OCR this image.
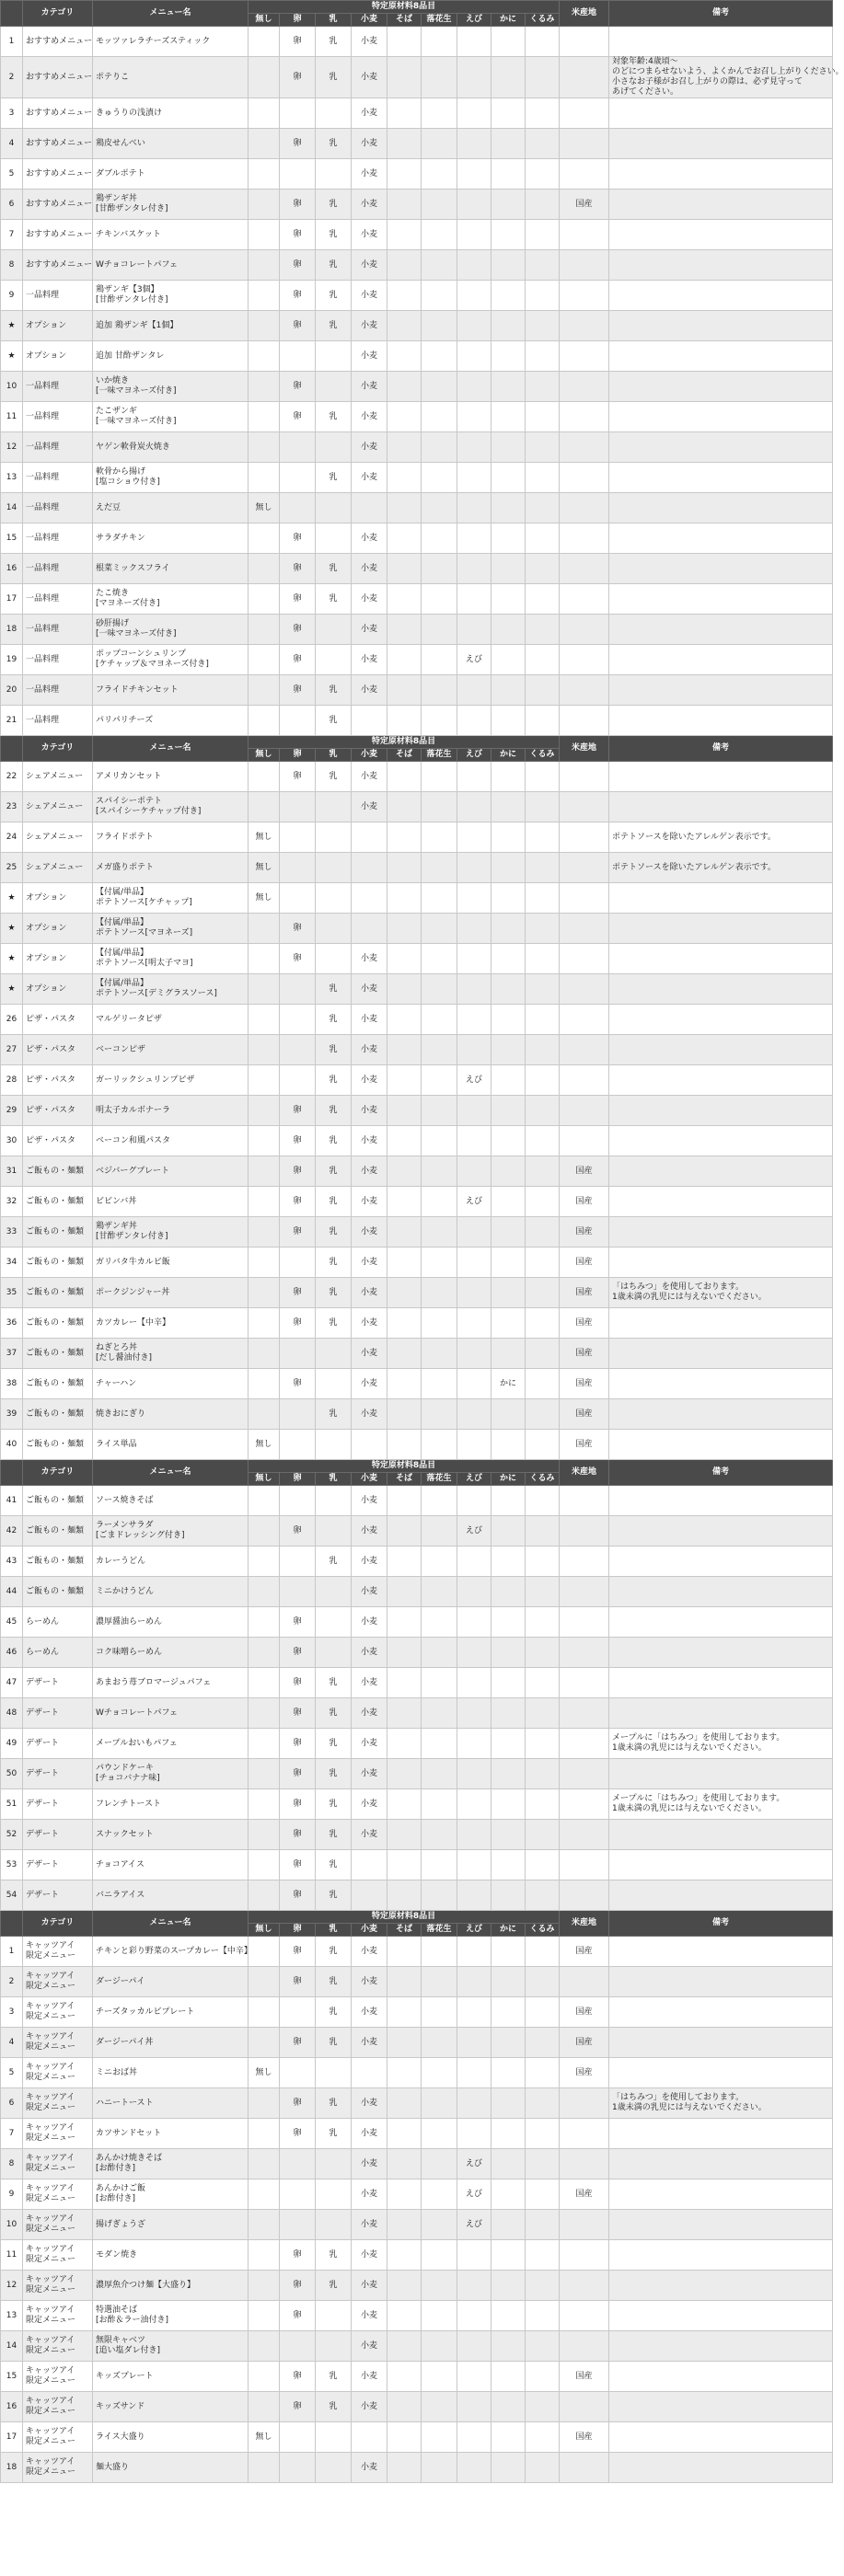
	カテゴリ	メニュー名	特定原材料8品目									米産地	備考
			無し	卵	乳	小麦	そば	落花生	えび	かに	くるみ		
1	おすすめメニュー	モッツァレラチーズスティック		卵	乳	小麦							
2	おすすめメニュー	ポテりこ		卵	乳	小麦							対象年齢:4歳頃〜
のどにつまらせないよう、よくかんでお召し上がりください。
小さなお子様がお召し上がりの際は、必ず見守って
あげてください。

3	おすすめメニュー	きゅうりの浅漬け				小麦							
4	おすすめメニュー	鶏皮せんべい		卵	乳	小麦							
5	おすすめメニュー	ダブルポテト				小麦							
6	おすすめメニュー	鶏ザンギ丼
[甘酢ザンタレ付き]		卵	乳	小麦						国産	
7	おすすめメニュー	チキンバスケット		卵	乳	小麦							
8	おすすめメニュー	Wチョコレートパフェ		卵	乳	小麦							
9	一品料理	鶏ザンギ【3個】
[甘酢ザンタレ付き]		卵	乳	小麦							
★	オプション	追加 鶏ザンギ【1個】		卵	乳	小麦							
★	オプション	追加 甘酢ザンタレ				小麦							
10	一品料理	いか焼き
[一味マヨネーズ付き]		卵		小麦							
11	一品料理	たこザンギ
[一味マヨネーズ付き]		卵	乳	小麦							
12	一品料理	ヤゲン軟骨炭火焼き				小麦							
13	一品料理	軟骨から揚げ
[塩コショウ付き]			乳	小麦							
14	一品料理	えだ豆	無し										
15	一品料理	サラダチキン		卵		小麦							
16	一品料理	根菜ミックスフライ		卵	乳	小麦							
17	一品料理	たこ焼き
[マヨネーズ付き]		卵	乳	小麦							
18	一品料理	砂肝揚げ
[一味マヨネーズ付き]		卵		小麦							
19	一品料理	ポップコーンシュリンプ
[ケチャップ＆マヨネーズ付き]		卵		小麦			えび				
20	一品料理	フライドチキンセット		卵	乳	小麦							
21	一品料理	パリパリチーズ			乳								
	カテゴリ	メニュー名	特定原材料8品目									米産地	備考
			無し	卵	乳	小麦	そば	落花生	えび	かに	くるみ		
22	シェアメニュー	アメリカンセット		卵	乳	小麦							
23	シェアメニュー	スパイシーポテト
[スパイシーケチャップ付き]				小麦							
24	シェアメニュー	フライドポテト	無し										ポテトソースを除いたアレルゲン表示です。

25	シェアメニュー	メガ盛りポテト	無し										ポテトソースを除いたアレルゲン表示です。

★	オプション	【付属/単品】
ポテトソース[ケチャップ]	無し										
★	オプション	【付属/単品】
ポテトソース[マヨネーズ]		卵									
★	オプション	【付属/単品】
ポテトソース[明太子マヨ]		卵		小麦							
★	オプション	【付属/単品】
ポテトソース[デミグラスソース]			乳	小麦							
26	ピザ・パスタ	マルゲリータピザ			乳	小麦							
27	ピザ・パスタ	ベーコンピザ			乳	小麦							
28	ピザ・パスタ	ガーリックシュリンプピザ			乳	小麦			えび				
29	ピザ・パスタ	明太子カルボナーラ		卵	乳	小麦							
30	ピザ・パスタ	ベーコン和風パスタ		卵	乳	小麦							
31	ご飯もの・麺類	ベジバーグプレート		卵	乳	小麦						国産	
32	ご飯もの・麺類	ビビンバ丼		卵	乳	小麦			えび			国産	
33	ご飯もの・麺類	鶏ザンギ丼
[甘酢ザンタレ付き]		卵	乳	小麦						国産	
34	ご飯もの・麺類	ガリバタ牛カルビ飯			乳	小麦						国産	
35	ご飯もの・麺類	ポークジンジャー丼		卵	乳	小麦						国産	「はちみつ」を使用しております。
1歳未満の乳児には与えないでください。

36	ご飯もの・麺類	カツカレー【中辛】		卵	乳	小麦						国産	
37	ご飯もの・麺類	ねぎとろ丼
[だし醤油付き]				小麦						国産	
38	ご飯もの・麺類	チャーハン		卵		小麦				かに		国産	
39	ご飯もの・麺類	焼きおにぎり			乳	小麦						国産	
40	ご飯もの・麺類	ライス単品	無し									国産	
	カテゴリ	メニュー名	特定原材料8品目									米産地	備考
			無し	卵	乳	小麦	そば	落花生	えび	かに	くるみ		
41	ご飯もの・麺類	ソース焼きそば				小麦							
42	ご飯もの・麺類	ラーメンサラダ
[ごまドレッシング付き]		卵		小麦			えび				
43	ご飯もの・麺類	カレーうどん			乳	小麦							
44	ご飯もの・麺類	ミニかけうどん				小麦							
45	らーめん	濃厚醤油らーめん		卵		小麦							
46	らーめん	コク味噌らーめん		卵		小麦							
47	デザート	あまおう苺ブロマージュパフェ		卵	乳	小麦							
48	デザート	Wチョコレートパフェ		卵	乳	小麦							
49	デザート	メープルおいもパフェ		卵	乳	小麦							メープルに「はちみつ」を使用しております。
1歳未満の乳児には与えないでください。

50	デザート	パウンドケーキ
[チョコバナナ味]		卵	乳	小麦							
51	デザート	フレンチトースト		卵	乳	小麦							メープルに「はちみつ」を使用しております。
1歳未満の乳児には与えないでください。

52	デザート	スナックセット		卵	乳	小麦							
53	デザート	チョコアイス		卵	乳								
54	デザート	バニラアイス		卵	乳								
	カテゴリ	メニュー名	特定原材料8品目									米産地	備考
			無し	卵	乳	小麦	そば	落花生	えび	かに	くるみ		
1	キャッツアイ
限定メニュー	チキンと彩り野菜のスープカレー【中辛】		卵	乳	小麦						国産	
2	キャッツアイ
限定メニュー	ダージーパイ		卵	乳	小麦							
3	キャッツアイ
限定メニュー	チーズタッカルビプレート			乳	小麦						国産	
4	キャッツアイ
限定メニュー	ダージーパイ丼		卵	乳	小麦						国産	
5	キャッツアイ
限定メニュー	ミニおば丼	無し									国産	
6	キャッツアイ
限定メニュー	ハニートースト		卵	乳	小麦							「はちみつ」を使用しております。
1歳未満の乳児には与えないでください。

7	キャッツアイ
限定メニュー	カツサンドセット		卵	乳	小麦							
8	キャッツアイ
限定メニュー	あんかけ焼きそば
[お酢付き]				小麦			えび				
9	キャッツアイ
限定メニュー	あんかけご飯
[お酢付き]				小麦			えび			国産	
10	キャッツアイ
限定メニュー	揚げぎょうざ				小麦			えび				
11	キャッツアイ
限定メニュー	モダン焼き		卵	乳	小麦							
12	キャッツアイ
限定メニュー	濃厚魚介つけ麺【大盛り】		卵	乳	小麦							
13	キャッツアイ
限定メニュー	特選油そば
[お酢＆ラー油付き]		卵		小麦							
14	キャッツアイ
限定メニュー	無限キャベツ
[追い塩ダレ付き]				小麦							
15	キャッツアイ
限定メニュー	キッズプレート		卵	乳	小麦						国産	
16	キャッツアイ
限定メニュー	キッズサンド		卵	乳	小麦							
17	キャッツアイ
限定メニュー	ライス大盛り	無し									国産	
18	キャッツアイ
限定メニュー	麺大盛り				小麦							
